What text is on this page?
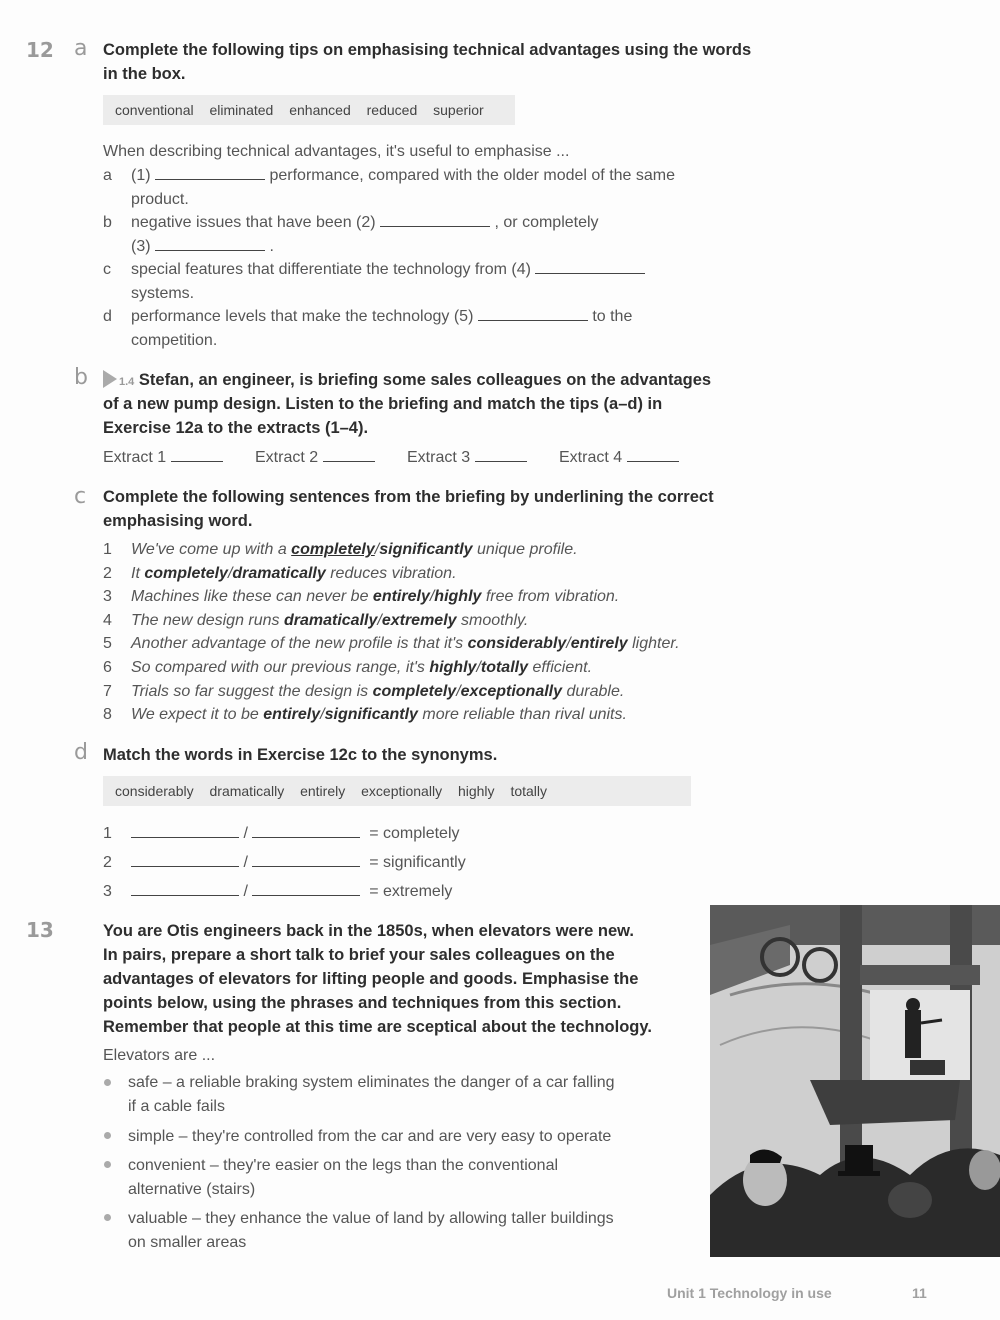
12 a Complete the following tips on emphasising technical advantages using the words in the box.
conventional eliminated enhanced reduced superior
When describing technical advantages, it's useful to emphasise ...
a (1)	performance, compared with the older model of the same
product.
b negative issues that have been (2)	, or completely
(3)	.
c special features that differentiate the technology from (4)
systems.
d performance levels that make the technology (5)	to the
competition.
b	1.4 Stefan, an engineer, is briefing some sales colleagues on the advantages
of a new pump design. Listen to the briefing and match the tips (a–d) in
Exercise 12a to the extracts (1–4).
Extract 1	Extract 2	Extract 3	Extract 4
c Complete the following sentences from the briefing by underlining the correct emphasising word.
1 We've come up with a completely/significantly unique profile.
2 It completely/dramatically reduces vibration.
3 Machines like these can never be entirely/highly free from vibration.
4 The new design runs dramatically/extremely smoothly.
5 Another advantage of the new profile is that it's considerably/entirely lighter.
6 So compared with our previous range, it's highly/totally efficient.
7 Trials so far suggest the design is completely/exceptionally durable.
8 We expect it to be entirely/significantly more reliable than rival units.
d Match the words in Exercise 12c to the synonyms.
considerably dramatically entirely exceptionally highly totally
1	/	= completely
2	/	= significantly
3	/	= extremely
13	You are Otis engineers back in the 1850s, when elevators were new.
In pairs, prepare a short talk to brief your sales colleagues on the
advantages of elevators for lifting people and goods. Emphasise the
points below, using the phrases and techniques from this section.
Remember that people at this time are sceptical about the technology.
Elevators are ...
safe – a reliable braking system eliminates the danger of a car falling
if a cable fails
simple – they're controlled from the car and are very easy to operate
convenient – they're easier on the legs than the conventional
alternative (stairs)
valuable – they enhance the value of land by allowing taller buildings
on smaller areas
Unit 1 Technology in use	11
